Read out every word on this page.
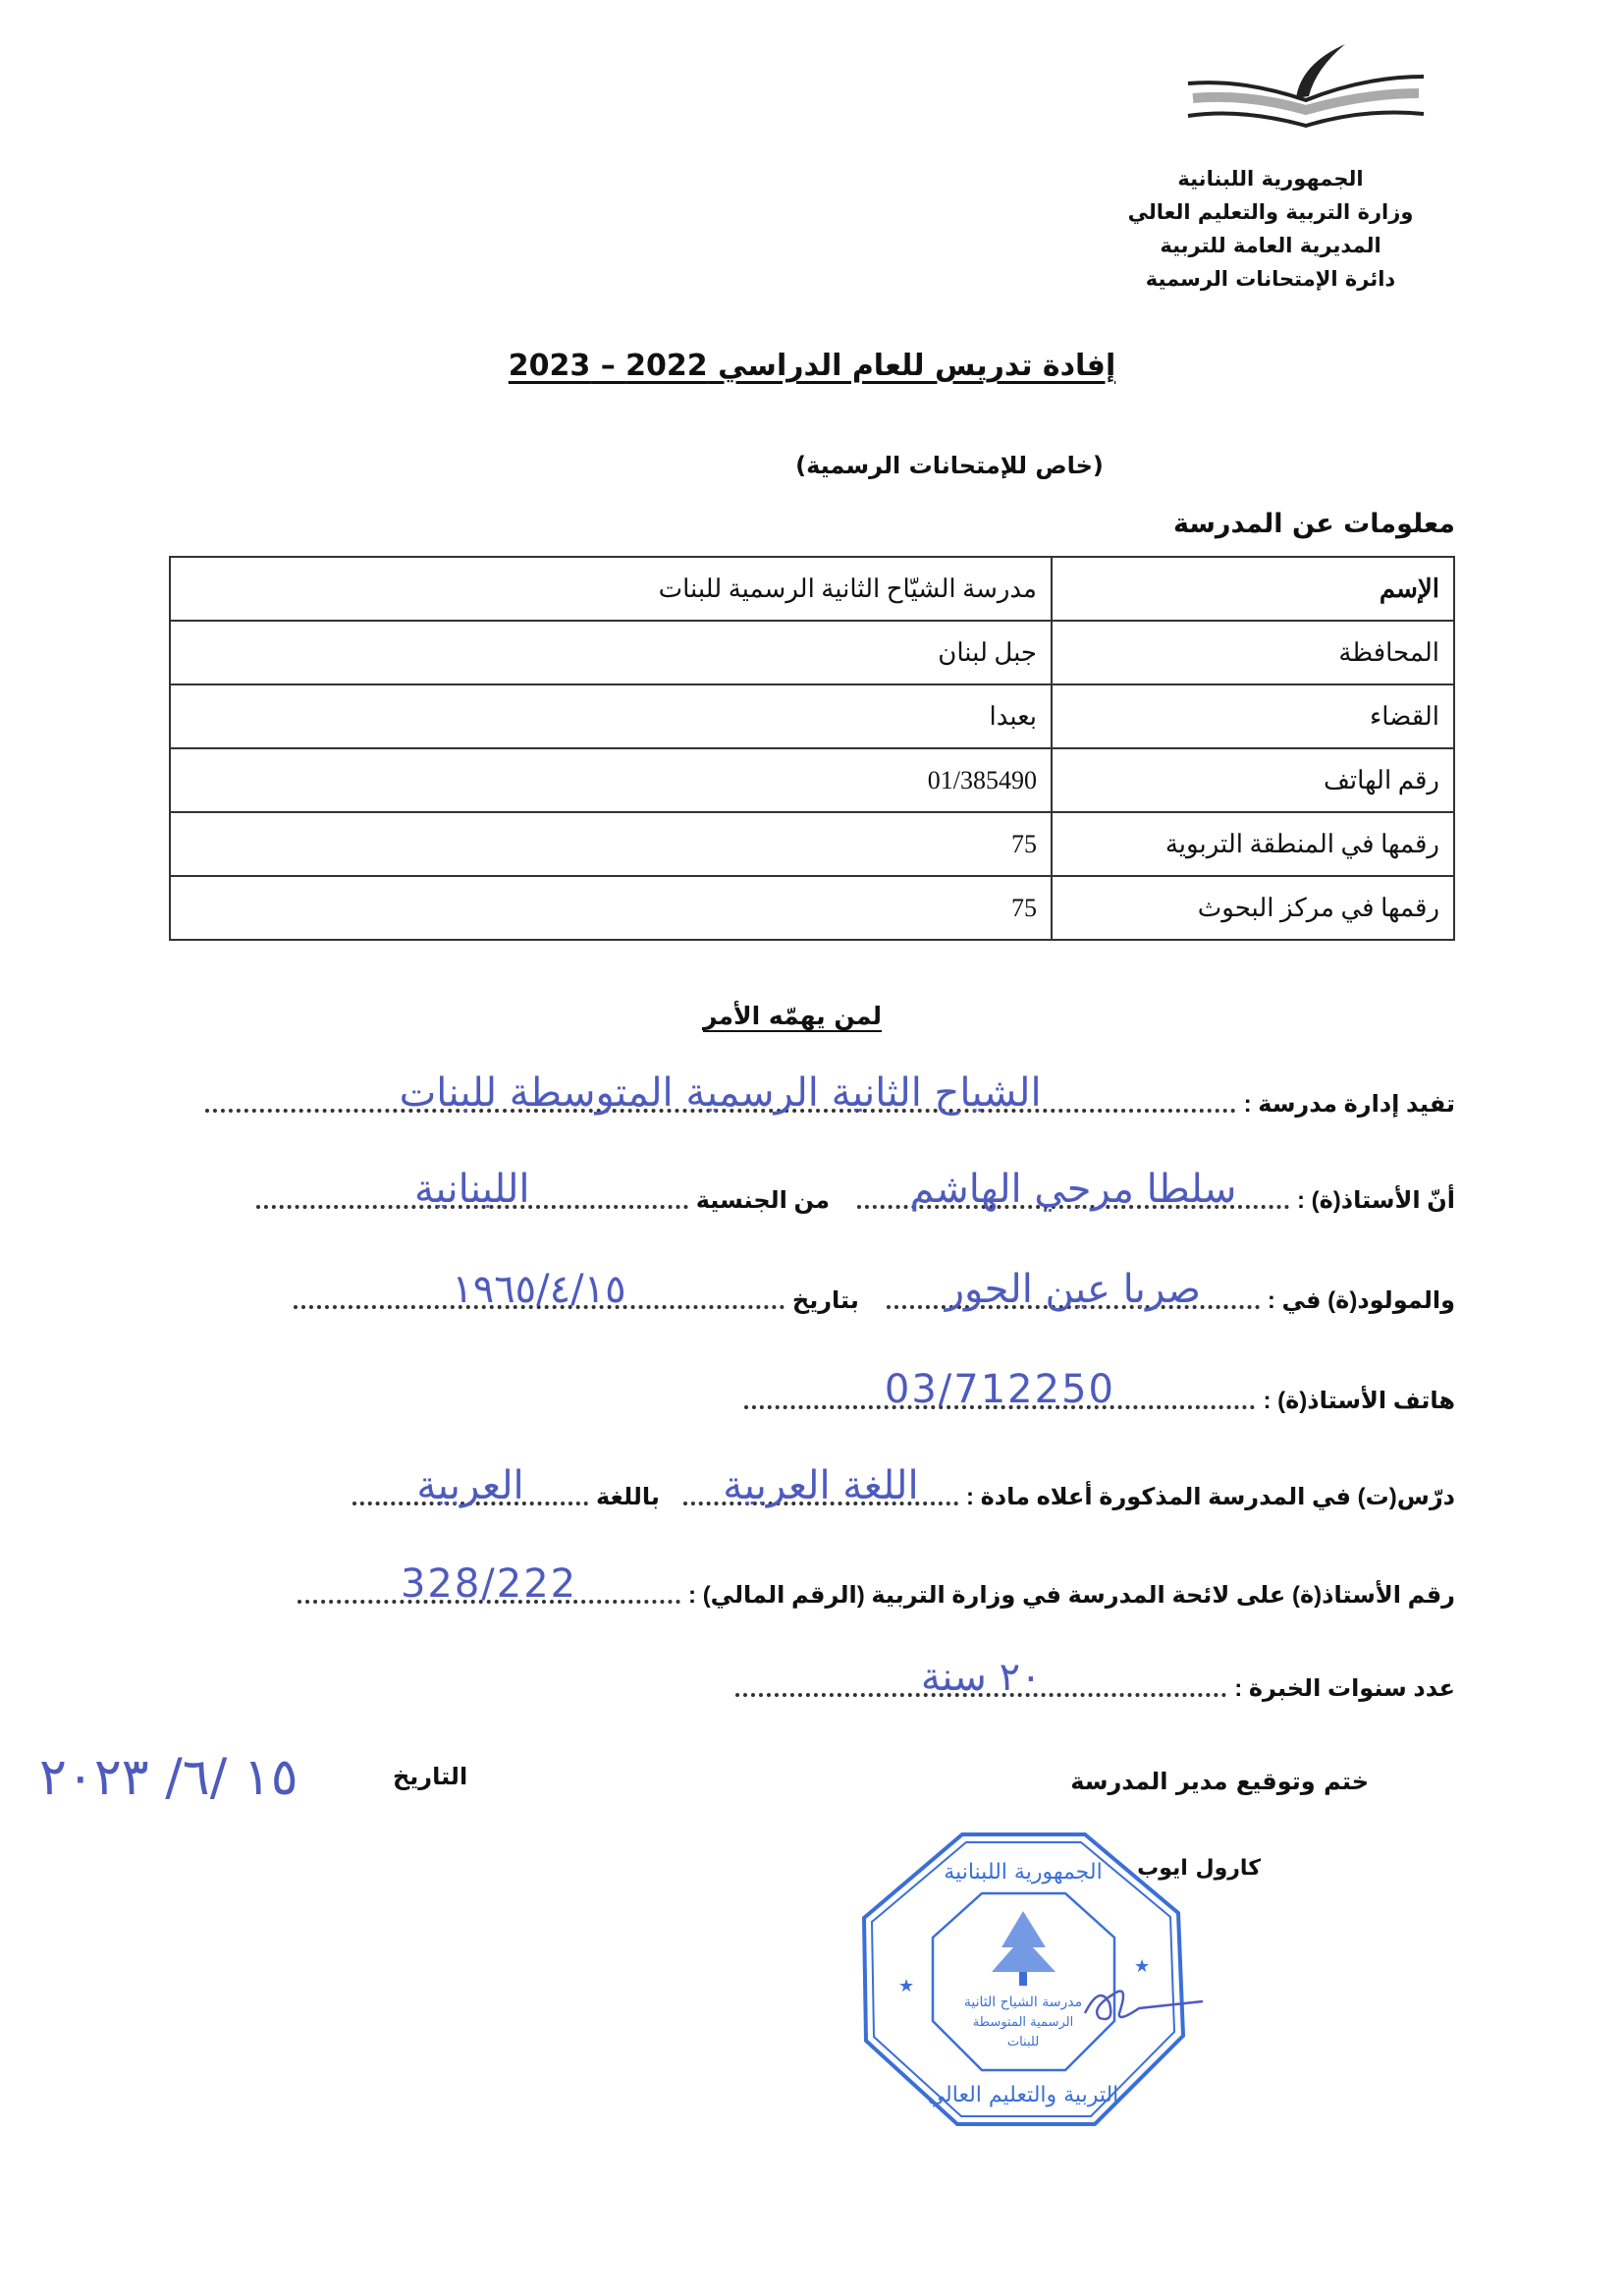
الجمهورية اللبنانية
وزارة التربية والتعليم العالي
المديرية العامة للتربية
دائرة الإمتحانات الرسمية
إفادة تدريس للعام الدراسي 2022 – 2023
(خاص للإمتحانات الرسمية)
معلومات عن المدرسة
الإسم	مدرسة الشيّاح الثانية الرسمية للبنات
المحافظة	جبل لبنان
القضاء	بعبدا
رقم الهاتف	01/385490
رقمها في المنطقة التربوية	75
رقمها في مركز البحوث	75
لمن يهمّه الأمر
تفيد إدارة مدرسة :
الشياح الثانية الرسمية المتوسطة للبنات
أنّ الأستاذ(ة) :
سلطا مرجي الهاشم
من الجنسية
اللبنانية
والمولود(ة) في :
صربا عين الحور
بتاريخ
١٩٦٥/٤/١٥
هاتف الأستاذ(ة) :
03/712250
درّس(ت) في المدرسة المذكورة أعلاه مادة :
اللغة العربية
باللغة
العربية
رقم الأستاذ(ة) على لائحة المدرسة في وزارة التربية (الرقم المالي) :
328/222
عدد سنوات الخبرة :
٢٠ سنة
ختم وتوقيع مدير المدرسة
التاريخ
١٥ /٦/ ٢٠٢٣
كارول ايوب
مدرسة الشياح الثانية
الرسمية المتوسطة
للبنات
التربية والتعليم العالي
الجمهورية اللبنانية
★
★
